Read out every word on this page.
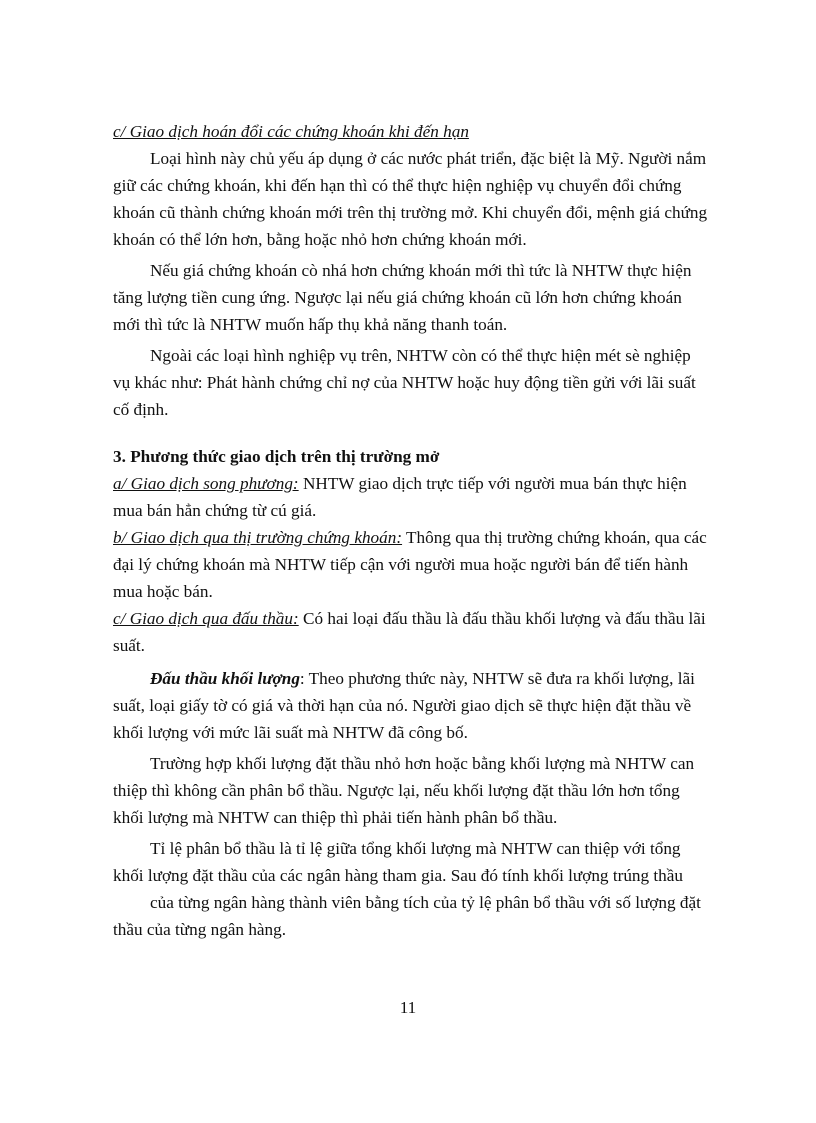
c/ Giao dịch hoán đổi các chứng khoán khi đến hạn
Loại hình này chủ yếu áp dụng ở các nước phát triển, đặc biệt là Mỹ. Người nắm
giữ các chứng khoán, khi đến hạn thì có thể thực hiện nghiệp vụ chuyển đổi chứng
khoán cũ thành chứng khoán mới trên thị trường mở. Khi chuyển đổi, mệnh giá chứng
khoán có thể lớn hơn, bằng hoặc nhỏ hơn chứng khoán mới.
Nếu giá chứng khoán cò nhá hơn chứng khoán mới thì tức là NHTW thực hiện
tăng lượng tiền cung ứng. Ngược lại nếu giá chứng khoán cũ lớn hơn chứng khoán
mới thì tức là NHTW muốn hấp thụ khả năng thanh toán.
Ngoài các loại hình nghiệp vụ trên, NHTW còn có thể thực hiện mét sè nghiệp
vụ khác như: Phát hành chứng chỉ nợ của NHTW hoặc huy động tiền gửi với lãi suất
cố định.
3. Phương thức giao dịch trên thị trường mở
a/ Giao dịch song phương: NHTW giao dịch trực tiếp với người mua bán thực hiện
mua bán hẳn chứng từ cú giá.
b/ Giao dịch qua thị trường chứng khoán: Thông qua thị trường chứng khoán, qua các
đại lý chứng khoán mà NHTW tiếp cận với người mua hoặc người bán để tiến hành
mua hoặc bán.
c/ Giao dịch qua đấu thầu: Có hai loại đấu thầu là đấu thầu khối lượng và đấu thầu lãi
suất.
Đấu thầu khối lượng: Theo phương thức này, NHTW sẽ đưa ra khối lượng, lãi
suất, loại giấy tờ có giá và thời hạn của nó. Người giao dịch sẽ thực hiện đặt thầu về
khối lượng với mức lãi suất mà NHTW đã công bố.
Trường hợp khối lượng đặt thầu nhỏ hơn hoặc bằng khối lượng mà NHTW can
thiệp thì không cần phân bổ thầu. Ngược lại, nếu khối lượng đặt thầu lớn hơn tổng
khối lượng mà NHTW can thiệp thì phải tiến hành phân bổ thầu.
Tỉ lệ phân bổ thầu là tỉ lệ giữa tổng khối lượng mà NHTW can thiệp với tổng
khối lượng đặt thầu của các ngân hàng tham gia. Sau đó tính khối lượng trúng thầu
của từng ngân hàng thành viên bằng tích của tỷ lệ phân bổ thầu với số lượng đặt
thầu của từng ngân hàng.
11
